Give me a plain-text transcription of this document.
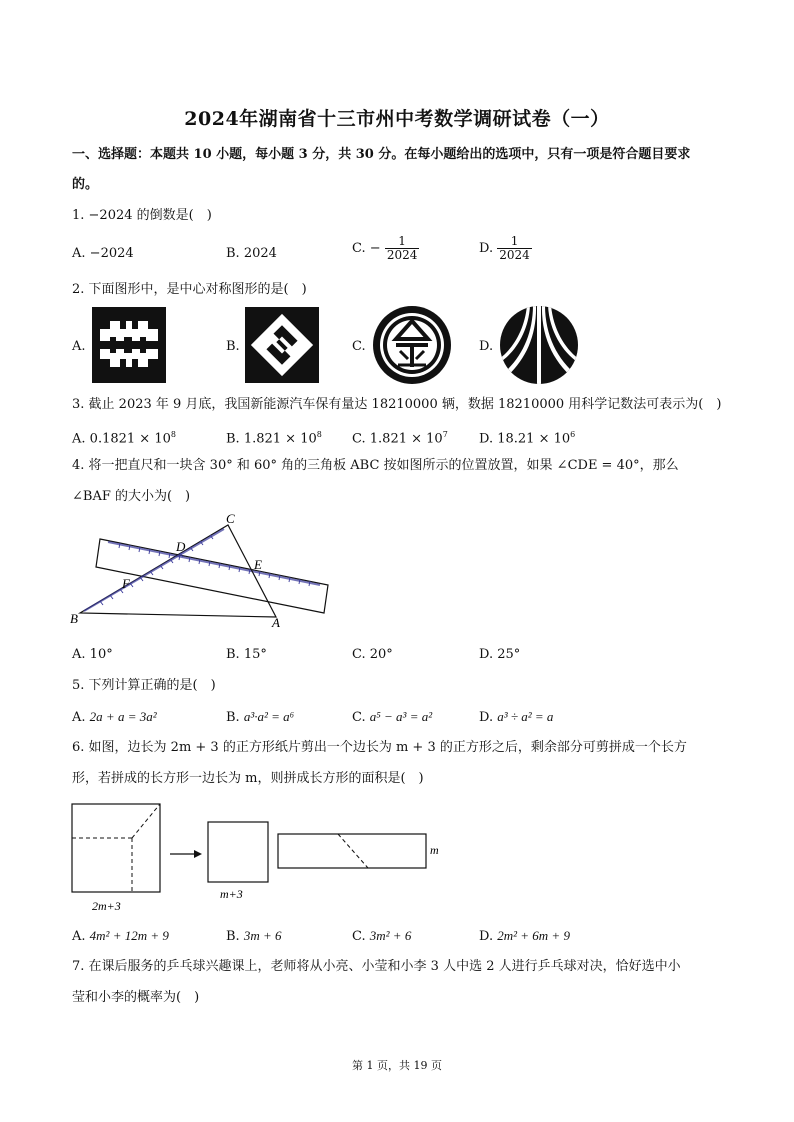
2024年湖南省十三市州中考数学调研试卷（一）
一、选择题：本题共 10 小题，每小题 3 分，共 30 分。在每小题给出的选项中，只有一项是符合题目要求
的。
1. −2024 的倒数是(　)
A. −2024	B. 2024	C. − $\frac{1}{2024}$	D. $\frac{1}{2024}$
2. 下面图形中，是中心对称图形的是(　)
A.	B.	C.	D.
3. 截止 2023 年 9 月底，我国新能源汽车保有量达 18210000 辆，数据 18210000 用科学记数法可表示为(　)
A. $0.1821 \times 10^8$	B. $1.821 \times 10^8$ C. $1.821 \times 10^7$ D. $18.21 \times 10^6$
4. 将一把直尺和一块含 30° 和 60° 角的三角板 ABC 按如图所示的位置放置，如果 ∠CDE = 40°，那么
∠BAF 的大小为(　)
C
D
E
F
B	A
A. 10°	B. 15°	C. 20°	D. 25°
5. 下列计算正确的是(　)
A. 2a + a = 3a²	B. a³·a² = a⁶	C. a⁵ − a³ = a²	D. a³ ÷ a² = a
6. 如图，边长为 2m + 3 的正方形纸片剪出一个边长为 m + 3 的正方形之后，剩余部分可剪拼成一个长方
形，若拼成的长方形一边长为 m，则拼成长方形的面积是(　)
2m+3
m+3
m
A. 4m² + 12m + 9	B. 3m + 6	C. 3m² + 6	D. 2m² + 6m + 9
7. 在课后服务的乒乓球兴趣课上，老师将从小亮、小莹和小李 3 人中选 2 人进行乒乓球对决，恰好选中小
莹和小李的概率为(　)
第 1 页，共 19 页
